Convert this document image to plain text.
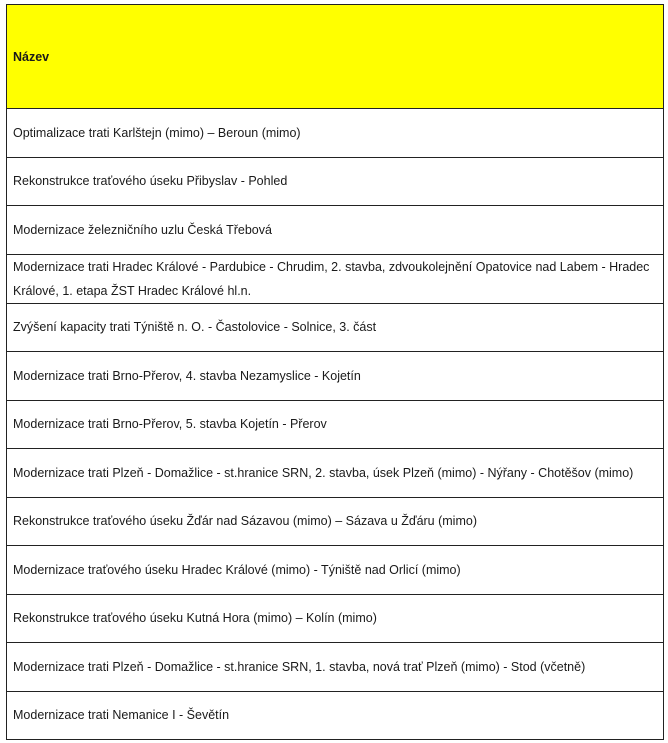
Název
Optimalizace trati Karlštejn (mimo) – Beroun (mimo)
Rekonstrukce traťového úseku Přibyslav - Pohled
Modernizace železničního uzlu Česká Třebová
Modernizace trati Hradec Králové - Pardubice - Chrudim, 2. stavba, zdvoukolejnění Opatovice nad Labem - Hradec Králové, 1. etapa ŽST Hradec Králové hl.n.
Zvýšení kapacity trati Týniště n. O. - Častolovice - Solnice, 3. část
Modernizace trati Brno-Přerov, 4. stavba Nezamyslice - Kojetín
Modernizace trati Brno-Přerov, 5. stavba Kojetín - Přerov
Modernizace trati Plzeň - Domažlice - st.hranice SRN, 2. stavba, úsek Plzeň (mimo) - Nýřany - Chotěšov (mimo)
Rekonstrukce traťového úseku Žďár nad Sázavou (mimo) – Sázava u Žďáru (mimo)
Modernizace traťového úseku Hradec Králové (mimo) - Týniště nad Orlicí (mimo)
Rekonstrukce traťového úseku Kutná Hora (mimo) – Kolín (mimo)
Modernizace trati Plzeň - Domažlice - st.hranice SRN, 1. stavba, nová trať Plzeň (mimo) - Stod (včetně)
Modernizace trati Nemanice I - Ševětín
